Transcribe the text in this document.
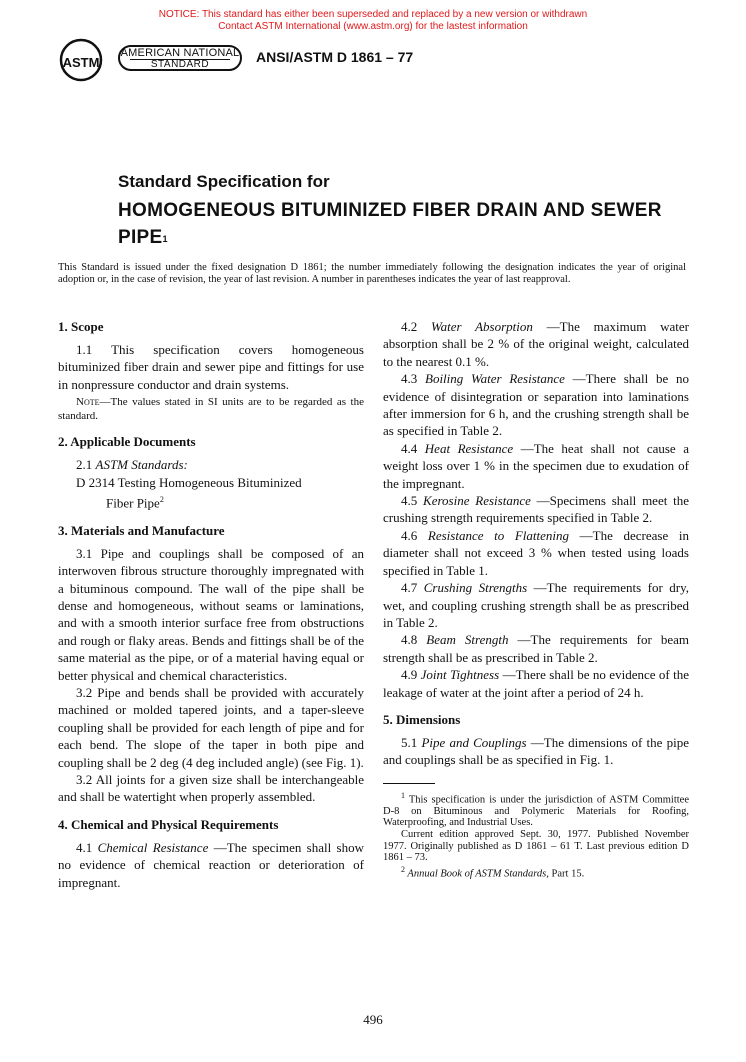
NOTICE: This standard has either been superseded and replaced by a new version or withdrawn
Contact ASTM International (www.astm.org) for the lastest information
ASTM
AMERICAN NATIONAL
STANDARD	ANSI/ASTM D 1861 – 77
Standard Specification for
HOMOGENEOUS BITUMINIZED FIBER DRAIN AND SEWER PIPE$^1$
This Standard is issued under the fixed designation D 1861; the number immediately following the designation indicates the year of original adoption or, in the case of revision, the year of last revision. A number in parentheses indicates the year of last reapproval.

1. Scope

1.1 This specification covers homogeneous bituminized fiber drain and sewer pipe and fittings for use in nonpressure conductor and drain systems.

Note—The values stated in SI units are to be regarded as the standard.

2. Applicable Documents

2.1 ASTM Standards:

D 2314 Testing Homogeneous Bituminized

Fiber Pipe$^2$

3. Materials and Manufacture

3.1 Pipe and couplings shall be composed of an interwoven fibrous structure thoroughly impregnated with a bituminous compound. The wall of the pipe shall be dense and homogeneous, without seams or laminations, and with a smooth interior surface free from obstructions and rough or flaky areas. Bends and fittings shall be of the same material as the pipe, or of a material having equal or better physical and chemical characteristics.

3.2 Pipe and bends shall be provided with accurately machined or molded tapered joints, and a taper-sleeve coupling shall be provided for each length of pipe and for each bend. The slope of the taper in both pipe and coupling shall be 2 deg (4 deg included angle) (see Fig. 1).

3.2 All joints for a given size shall be interchangeable and shall be watertight when properly assembled.

4. Chemical and Physical Requirements

4.1 Chemical Resistance —The specimen shall show no evidence of chemical reaction or deterioration of impregnant.

4.2 Water Absorption —The maximum water absorption shall be 2 % of the original weight, calculated to the nearest 0.1 %.

4.3 Boiling Water Resistance —There shall be no evidence of disintegration or separation into laminations after immersion for 6 h, and the crushing strength shall be as specified in Table 2.

4.4 Heat Resistance —The heat shall not cause a weight loss over 1 % in the specimen due to exudation of the impregnant.

4.5 Kerosine Resistance —Specimens shall meet the crushing strength requirements specified in Table 2.

4.6 Resistance to Flattening —The decrease in diameter shall not exceed 3 % when tested using loads specified in Table 1.

4.7 Crushing Strengths —The requirements for dry, wet, and coupling crushing strength shall be as prescribed in Table 2.

4.8 Beam Strength —The requirements for beam strength shall be as prescribed in Table 2.

4.9 Joint Tightness —There shall be no evidence of the leakage of water at the joint after a period of 24 h.

5. Dimensions

5.1 Pipe and Couplings —The dimensions of the pipe and couplings shall be as specified in Fig. 1.

$^1$ This specification is under the jurisdiction of ASTM Committee D-8 on Bituminous and Polymeric Materials for Roofing, Waterproofing, and Industrial Uses.

Current edition approved Sept. 30, 1977. Published November 1977. Originally published as D 1861 – 61 T. Last previous edition D 1861 – 73.

$^2$ Annual Book of ASTM Standards, Part 15.

496
